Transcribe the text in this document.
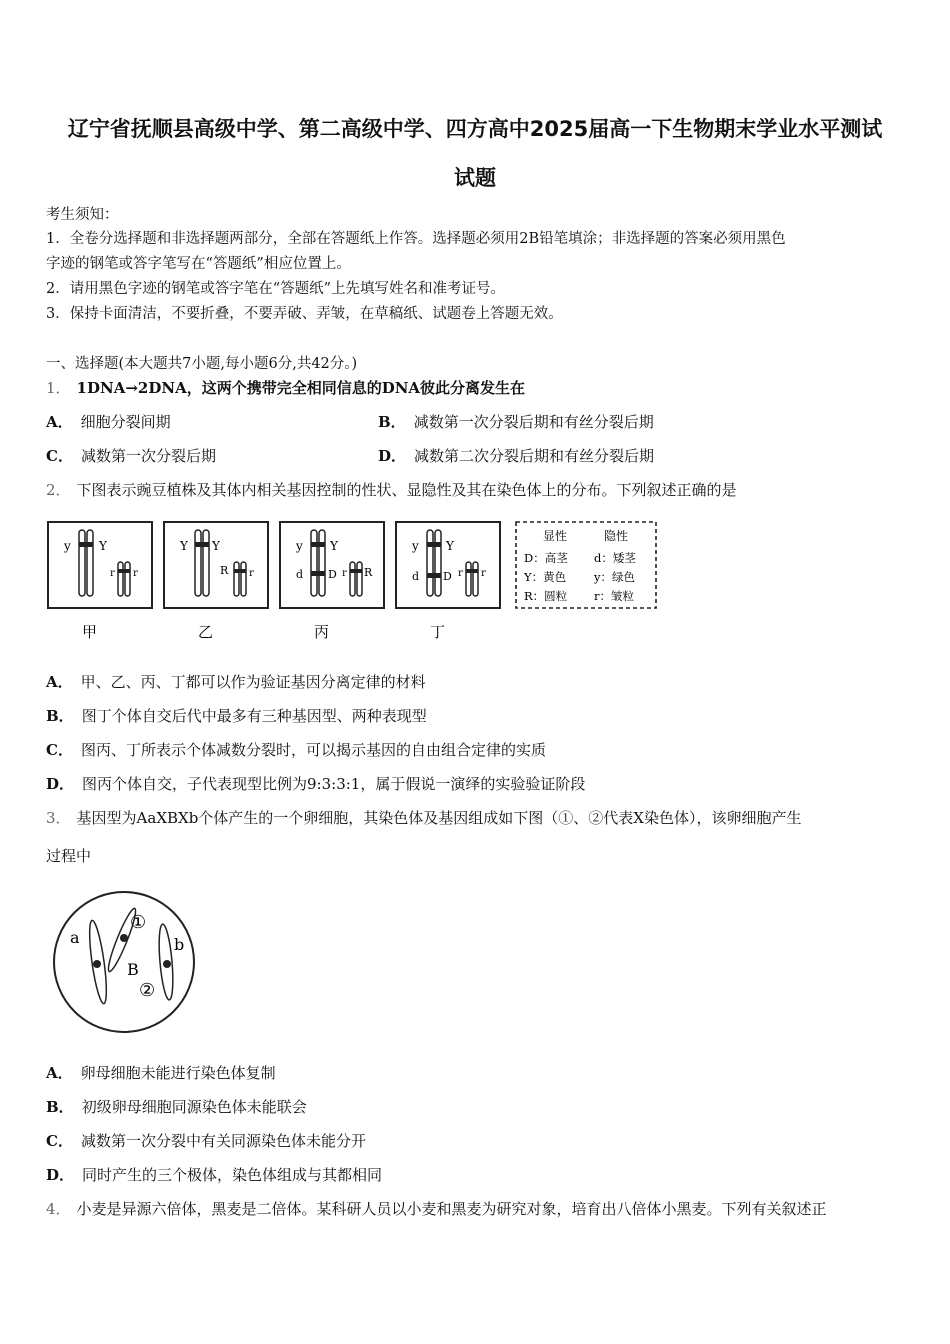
辽宁省抚顺县高级中学、第二高级中学、四方高中2025届高一下生物期末学业水平测试
试题
考生须知：
1．全卷分选择题和非选择题两部分，全部在答题纸上作答。选择题必须用2B铅笔填涂；非选择题的答案必须用黑色
字迹的钢笔或答字笔写在“答题纸”相应位置上。
2．请用黑色字迹的钢笔或答字笔在“答题纸”上先填写姓名和准考证号。
3．保持卡面清洁，不要折叠，不要弄破、弄皱，在草稿纸、试题卷上答题无效。
一、选择题(本大题共7小题,每小题6分,共42分。)
1． 1DNA→2DNA，这两个携带完全相同信息的DNA彼此分离发生在
A． 细胞分裂间期	B． 减数第一次分裂后期和有丝分裂后期
C． 减数第一次分裂后期	D． 减数第二次分裂后期和有丝分裂后期
2． 下图表示豌豆植株及其体内相关基因控制的性状、显隐性及其在染色体上的分布。下列叙述正确的是
y Y
r r
甲
Y Y
R r
乙
y Y
d D r R
丙
y Y
d D r r
丁
显性	隐性
D：高茎 d：矮茎
Y：黄色 y：绿色
R：圆粒 r：皱粒
A． 甲、乙、丙、丁都可以作为验证基因分离定律的材料
B． 图丁个体自交后代中最多有三种基因型、两种表现型
C． 图丙、丁所表示个体减数分裂时，可以揭示基因的自由组合定律的实质
D． 图丙个体自交，子代表现型比例为9:3:3:1，属于假说一演绎的实验验证阶段
3． 基因型为AaXBXb个体产生的一个卵细胞，其染色体及基因组成如下图（①、②代表X染色体），该卵细胞产生
过程中
a
①
B
②
b
A． 卵母细胞未能进行染色体复制
B． 初级卵母细胞同源染色体未能联会
C． 减数第一次分裂中有关同源染色体未能分开
D． 同时产生的三个极体，染色体组成与其都相同
4． 小麦是异源六倍体，黑麦是二倍体。某科研人员以小麦和黑麦为研究对象，培育出八倍体小黑麦。下列有关叙述正
